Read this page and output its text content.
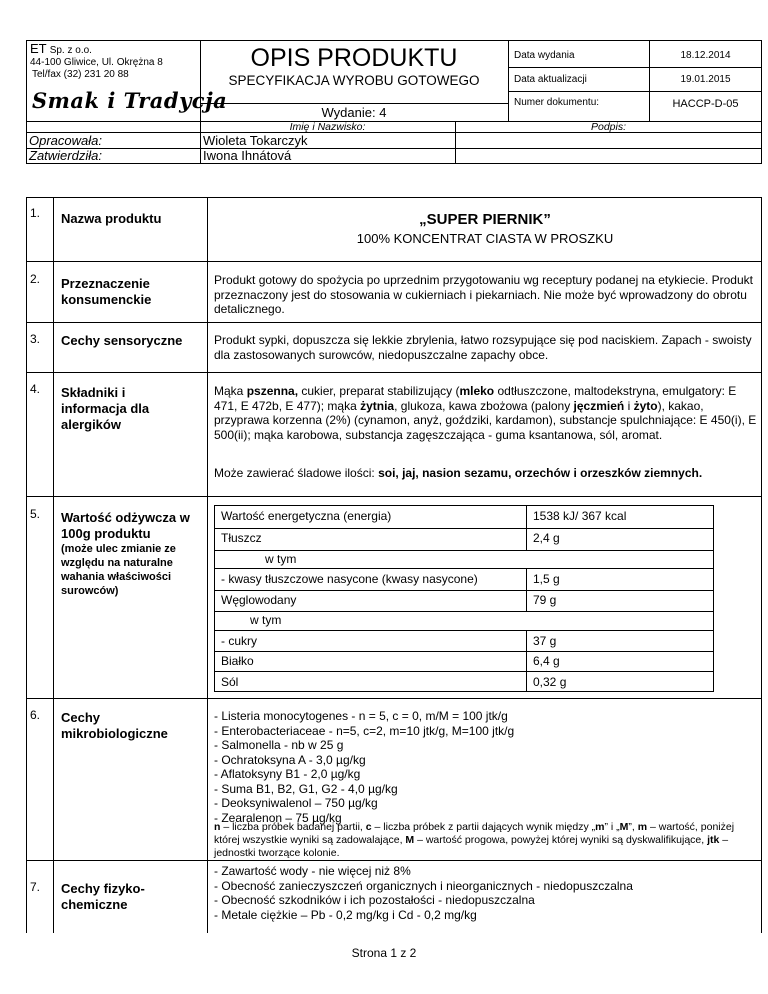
ET Sp. z o.o.
44-100 Gliwice, Ul. Okrężna 8
Tel/fax (32) 231 20 88
Smak i Tradycja
OPIS PRODUKTU
SPECYFIKACJA WYROBU GOTOWEGO
Wydanie: 4
Data wydania	18.12.2014
Data aktualizacji	19.01.2015
Numer dokumentu:	HACCP-D-05
Imię i Nazwisko:	Podpis:
Opracowała:	Wioleta Tokarczyk
Zatwierdziła:	Iwona Ihnátová
1. Nazwa produktu	„SUPER PIERNIK”
100% KONCENTRAT CIASTA W PROSZKU
2. Przeznaczenie konsumenckie
Produkt gotowy do spożycia po uprzednim przygotowaniu wg receptury podanej na etykiecie. Produkt przeznaczony jest do stosowania w cukierniach i piekarniach. Nie może być wprowadzony do obrotu detalicznego.
3. Cechy sensoryczne	Produkt sypki, dopuszcza się lekkie zbrylenia, łatwo rozsypujące się pod naciskiem. Zapach - swoisty dla zastosowanych surowców, niedopuszczalne zapachy obce.
4. Składniki i informacja dla alergików
Mąka pszenna, cukier, preparat stabilizujący (mleko odtłuszczone, maltodekstryna, emulgatory: E 471, E 472b, E 477); mąka żytnia, glukoza, kawa zbożowa (palony jęczmień i żyto), kakao, przyprawa korzenna (2%) (cynamon, anyż, goździki, kardamon), substancje spulchniające: E 450(i), E 500(ii); mąka karobowa, substancja zagęszczająca - guma ksantanowa, sól, aromat.
Może zawierać śladowe ilości: soi, jaj, nasion sezamu, orzechów i orzeszków ziemnych.
5. Wartość odżywcza w 100g produktu
(może ulec zmianie ze względu na naturalne wahania właściwości surowców)
Wartość energetyczna (energia)	1538 kJ/ 367 kcal
Tłuszcz	2,4 g
w tym
- kwasy tłuszczowe nasycone (kwasy nasycone)	1,5 g
Węglowodany	79 g
w tym
- cukry	37 g
Białko	6,4 g
Sól	0,32 g
6. Cechy mikrobiologiczne
- Listeria monocytogenes - n = 5, c = 0, m/M = 100 jtk/g
- Enterobacteriaceae - n=5, c=2, m=10 jtk/g, M=100 jtk/g
- Salmonella - nb w 25 g
- Ochratoksyna A - 3,0 µg/kg
- Aflatoksyny B1 - 2,0 µg/kg
- Suma B1, B2, G1, G2 - 4,0 µg/kg
- Deoksyniwalenol – 750 µg/kg
- Zearalenon – 75 µg/kg
n – liczba próbek badanej partii, c – liczba próbek z partii dających wynik między „m” i „M”, m – wartość, poniżej której wszystkie wyniki są zadowalające, M – wartość progowa, powyżej której wyniki są dyskwalifikujące, jtk – jednostki tworzące kolonie.
7. Cechy fizyko-chemiczne
- Zawartość wody - nie więcej niż 8%
- Obecność zanieczyszczeń organicznych i nieorganicznych - niedopuszczalna
- Obecność szkodników i ich pozostałości - niedopuszczalna
- Metale ciężkie – Pb - 0,2 mg/kg i Cd - 0,2 mg/kg
Strona 1 z 2
